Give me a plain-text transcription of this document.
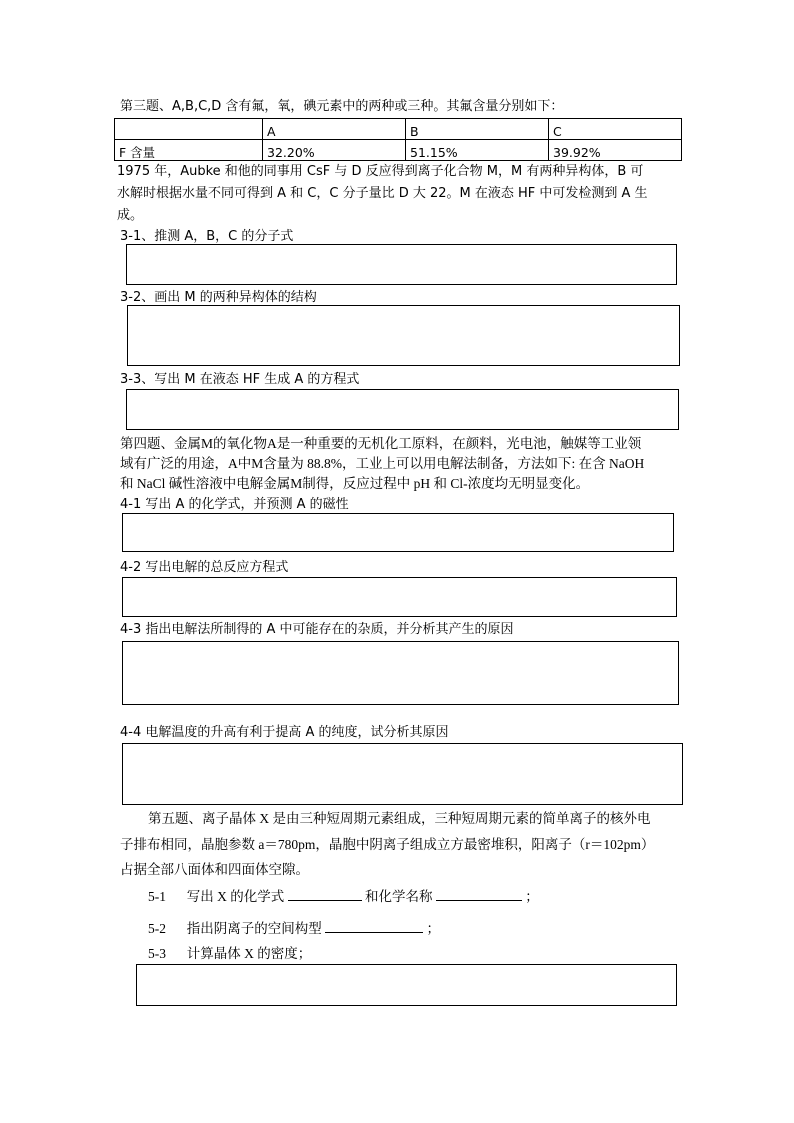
第三题、A,B,C,D 含有氟，氧，碘元素中的两种或三种。其氟含量分别如下：
	A	B	C
F 含量	32.20%	51.15%	39.92%
1975 年，Aubke 和他的同事用 CsF 与 D 反应得到离子化合物 M，M 有两种异构体，B 可
水解时根据水量不同可得到 A 和 C，C 分子量比 D 大 22。M 在液态 HF 中可发检测到 A 生
成。
3-1、推测 A，B，C 的分子式
3-2、画出 M 的两种异构体的结构
3-3、写出 M 在液态 HF 生成 A 的方程式
第四题、金属M的氧化物A是一种重要的无机化工原料，在颜料，光电池，触媒等工业领
域有广泛的用途，A中M含量为 88.8%，工业上可以用电解法制备，方法如下: 在含 NaOH
和 NaCl 碱性溶液中电解金属M制得，反应过程中 pH 和 Cl-浓度均无明显变化。
4-1 写出 A 的化学式，并预测 A 的磁性
4-2 写出电解的总反应方程式
4-3 指出电解法所制得的 A 中可能存在的杂质，并分析其产生的原因
4-4 电解温度的升高有利于提高 A 的纯度，试分析其原因
第五题、离子晶体 X 是由三种短周期元素组成，三种短周期元素的简单离子的核外电
子排布相同，晶胞参数 a＝780pm，晶胞中阴离子组成立方最密堆积，阳离子（r＝102pm）
占据全部八面体和四面体空隙。
5-1 写出 X 的化学式	和化学名称	；
5-2 指出阴离子的空间构型	；
5-3 计算晶体 X 的密度；
